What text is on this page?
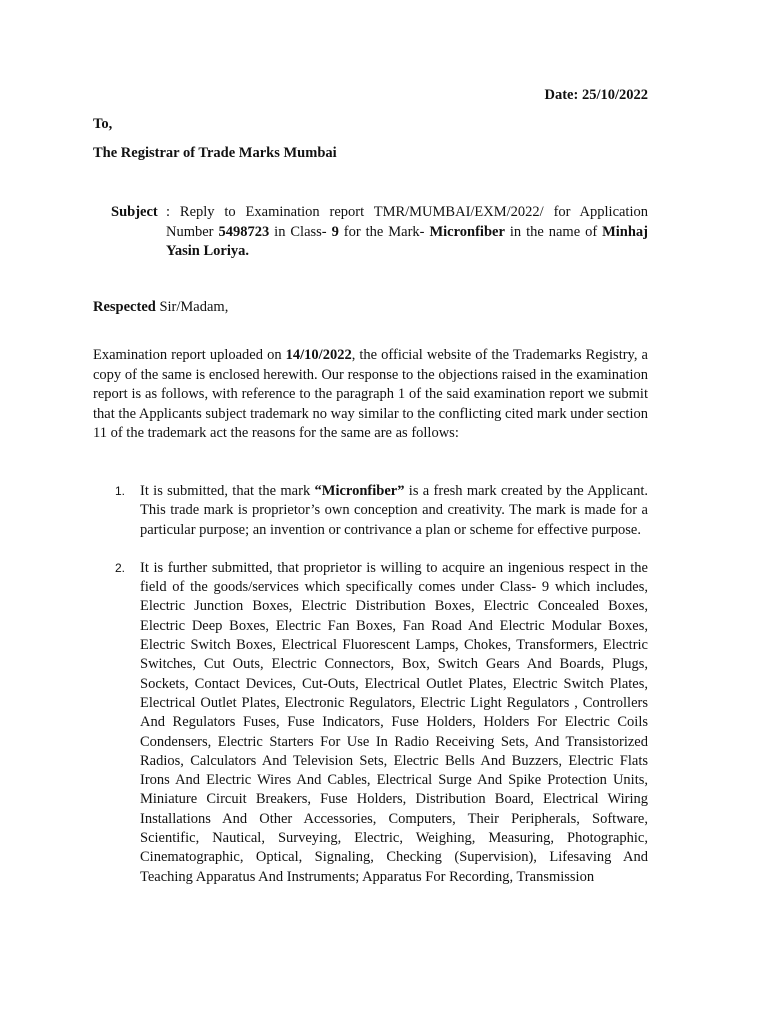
Date: 25/10/2022
To,
The Registrar of Trade Marks Mumbai
Subject : Reply to Examination report TMR/MUMBAI/EXM/2022/ for Application Number 5498723 in Class- 9 for the Mark- Micronfiber in the name of Minhaj Yasin Loriya.
Respected Sir/Madam,
Examination report uploaded on 14/10/2022, the official website of the Trademarks Registry, a copy of the same is enclosed herewith. Our response to the objections raised in the examination report is as follows, with reference to the paragraph 1 of the said examination report we submit that the Applicants subject trademark no way similar to the conflicting cited mark under section 11 of the trademark act the reasons for the same are as follows:
1. It is submitted, that the mark “Micronfiber” is a fresh mark created by the Applicant. This trade mark is proprietor’s own conception and creativity. The mark is made for a particular purpose; an invention or contrivance a plan or scheme for effective purpose.
2. It is further submitted, that proprietor is willing to acquire an ingenious respect in the field of the goods/services which specifically comes under Class- 9 which includes, Electric Junction Boxes, Electric Distribution Boxes, Electric Concealed Boxes, Electric Deep Boxes, Electric Fan Boxes, Fan Road And Electric Modular Boxes, Electric Switch Boxes, Electrical Fluorescent Lamps, Chokes, Transformers, Electric Switches, Cut Outs, Electric Connectors, Box, Switch Gears And Boards, Plugs, Sockets, Contact Devices, Cut-Outs, Electrical Outlet Plates, Electric Switch Plates, Electrical Outlet Plates, Electronic Regulators, Electric Light Regulators , Controllers And Regulators Fuses, Fuse Indicators, Fuse Holders, Holders For Electric Coils Condensers, Electric Starters For Use In Radio Receiving Sets, And Transistorized Radios, Calculators And Television Sets, Electric Bells And Buzzers, Electric Flats Irons And Electric Wires And Cables, Electrical Surge And Spike Protection Units, Miniature Circuit Breakers, Fuse Holders, Distribution Board, Electrical Wiring Installations And Other Accessories, Computers, Their Peripherals, Software, Scientific, Nautical, Surveying, Electric, Weighing, Measuring, Photographic, Cinematographic, Optical, Signaling, Checking (Supervision), Lifesaving And Teaching Apparatus And Instruments; Apparatus For Recording, Transmission
